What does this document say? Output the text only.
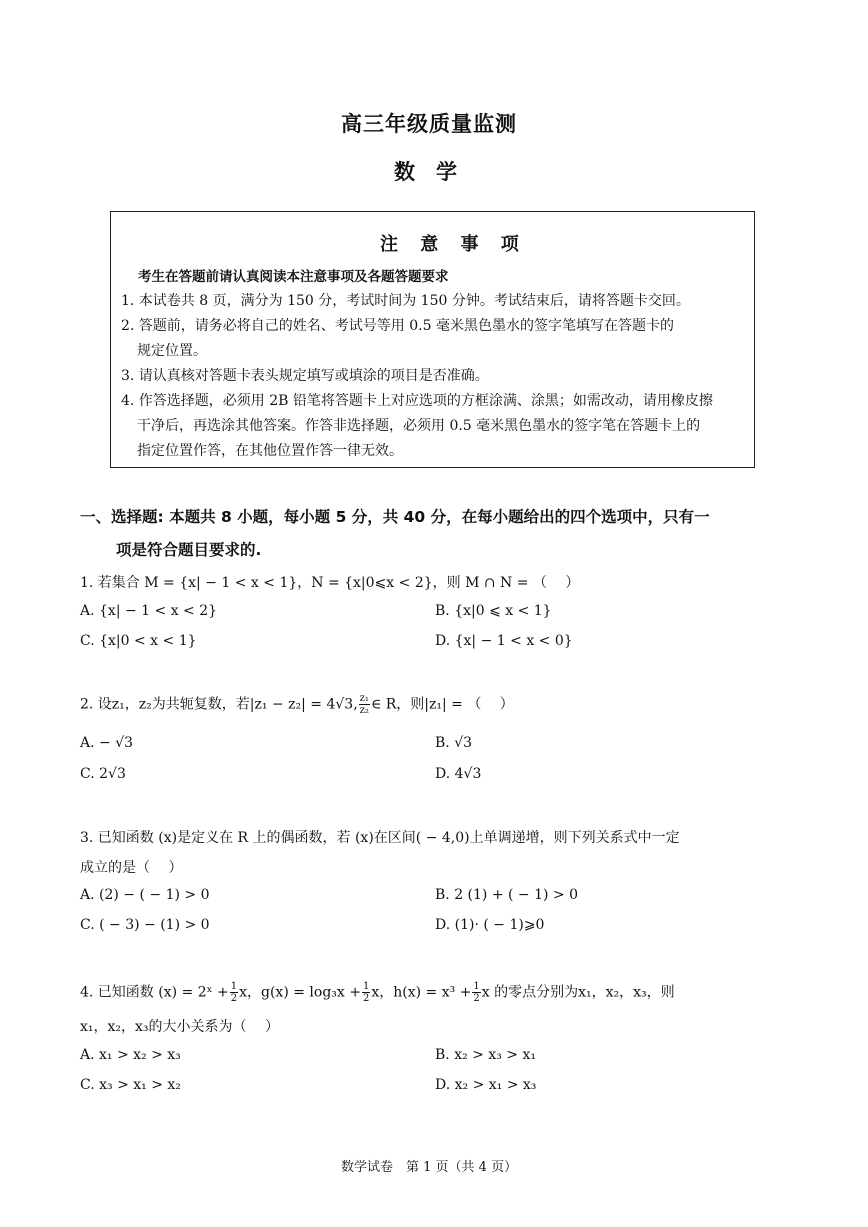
高三年级质量监测
数　学
注 意 事 项
考生在答题前请认真阅读本注意事项及各题答题要求
1. 本试卷共 8 页，满分为 150 分，考试时间为 150 分钟。考试结束后，请将答题卡交回。
2. 答题前，请务必将自己的姓名、考试号等用 0.5 毫米黑色墨水的签字笔填写在答题卡的
规定位置。
3. 请认真核对答题卡表头规定填写或填涂的项目是否准确。
4. 作答选择题，必须用 2B 铅笔将答题卡上对应选项的方框涂满、涂黑；如需改动，请用橡皮擦
干净后，再选涂其他答案。作答非选择题，必须用 0.5 毫米黑色墨水的签字笔在答题卡上的
指定位置作答，在其他位置作答一律无效。
一、选择题: 本题共 8 小题，每小题 5 分，共 40 分，在每小题给出的四个选项中，只有一
项是符合题目要求的.
1. 若集合 M = {x| − 1 < x < 1}，N = {x|0⩽x < 2}，则 M ∩ N = （　 ）
A. {x| − 1 < x < 2}	B. {x|0 ⩽ x < 1}
C. {x|0 < x < 1}	D. {x| − 1 < x < 0}
2. 设z₁，z₂为共轭复数，若|z₁ − z₂| = 4√3, $\frac{\text{z₁}}{\text{z₂}}$ ∈ R，则|z₁| = （　 ）
A. − √3	B. √3
C. 2√3	D. 4√3
3. 已知函数 (x)是定义在 R 上的偶函数，若 (x)在区间( − 4,0)上单调递增，则下列关系式中一定
成立的是（　 ）
A. (2) − ( − 1) > 0	B. 2 (1) + ( − 1) > 0
C. ( − 3) − (1) > 0	D. (1)· ( − 1)⩾0
4. 已知函数 (x) = 2ˣ + $\frac{1}{2}$ x，$g(x) = \log_3x + \frac{1}{2}$ x，$h(x) = x^3 + \frac{1}{2}$ x 的零点分别为x₁，x₂，x₃，则
x₁，x₂，x₃的大小关系为（　 ）
A. x₁ > x₂ > x₃	B. x₂ > x₃ > x₁
C. x₃ > x₁ > x₂	D. x₂ > x₁ > x₃
数学试卷　第 1 页（共 4 页）
